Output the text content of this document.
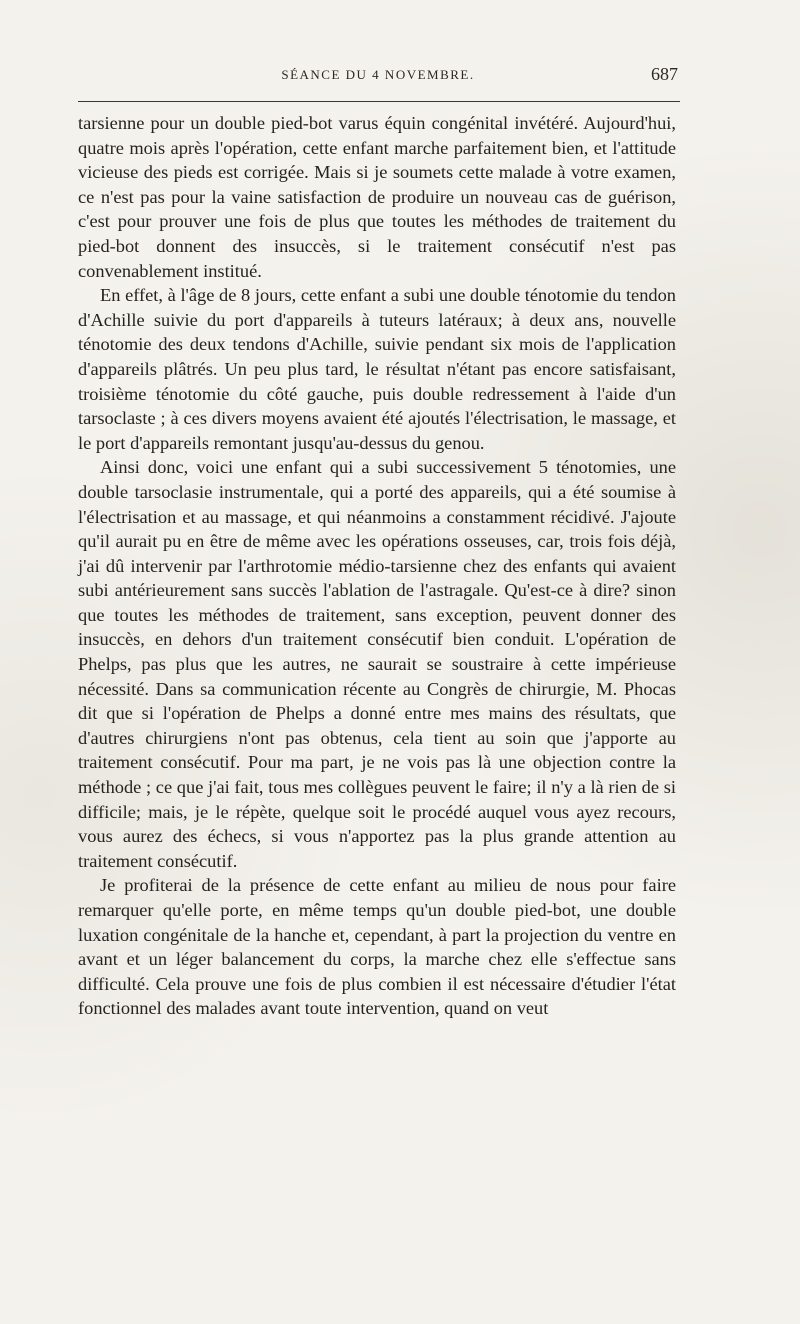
SÉANCE DU 4 NOVEMBRE.	687

tarsienne pour un double pied-bot varus équin congénital invétéré. Aujourd'hui, quatre mois après l'opération, cette enfant marche parfaitement bien, et l'attitude vicieuse des pieds est corrigée. Mais si je soumets cette malade à votre examen, ce n'est pas pour la vaine satisfaction de produire un nouveau cas de guérison, c'est pour prouver une fois de plus que toutes les méthodes de traitement du pied-bot donnent des insuccès, si le traitement consécutif n'est pas convenablement institué.

En effet, à l'âge de 8 jours, cette enfant a subi une double ténotomie du tendon d'Achille suivie du port d'appareils à tuteurs latéraux; à deux ans, nouvelle ténotomie des deux tendons d'Achille, suivie pendant six mois de l'application d'appareils plâtrés. Un peu plus tard, le résultat n'étant pas encore satisfaisant, troisième ténotomie du côté gauche, puis double redressement à l'aide d'un tarsoclaste ; à ces divers moyens avaient été ajoutés l'électrisation, le massage, et le port d'appareils remontant jusqu'au-dessus du genou.

Ainsi donc, voici une enfant qui a subi successivement 5 ténotomies, une double tarsoclasie instrumentale, qui a porté des appareils, qui a été soumise à l'électrisation et au massage, et qui néanmoins a constamment récidivé. J'ajoute qu'il aurait pu en être de même avec les opérations osseuses, car, trois fois déjà, j'ai dû intervenir par l'arthrotomie médio-tarsienne chez des enfants qui avaient subi antérieurement sans succès l'ablation de l'astragale. Qu'est-ce à dire? sinon que toutes les méthodes de traitement, sans exception, peuvent donner des insuccès, en dehors d'un traitement consécutif bien conduit. L'opération de Phelps, pas plus que les autres, ne saurait se soustraire à cette impérieuse nécessité. Dans sa communication récente au Congrès de chirurgie, M. Phocas dit que si l'opération de Phelps a donné entre mes mains des résultats, que d'autres chirurgiens n'ont pas obtenus, cela tient au soin que j'apporte au traitement consécutif. Pour ma part, je ne vois pas là une objection contre la méthode ; ce que j'ai fait, tous mes collègues peuvent le faire; il n'y a là rien de si difficile; mais, je le répète, quelque soit le procédé auquel vous ayez recours, vous aurez des échecs, si vous n'apportez pas la plus grande attention au traitement consécutif.

Je profiterai de la présence de cette enfant au milieu de nous pour faire remarquer qu'elle porte, en même temps qu'un double pied-bot, une double luxation congénitale de la hanche et, cependant, à part la projection du ventre en avant et un léger balancement du corps, la marche chez elle s'effectue sans difficulté. Cela prouve une fois de plus combien il est nécessaire d'étudier l'état fonctionnel des malades avant toute intervention, quand on veut
